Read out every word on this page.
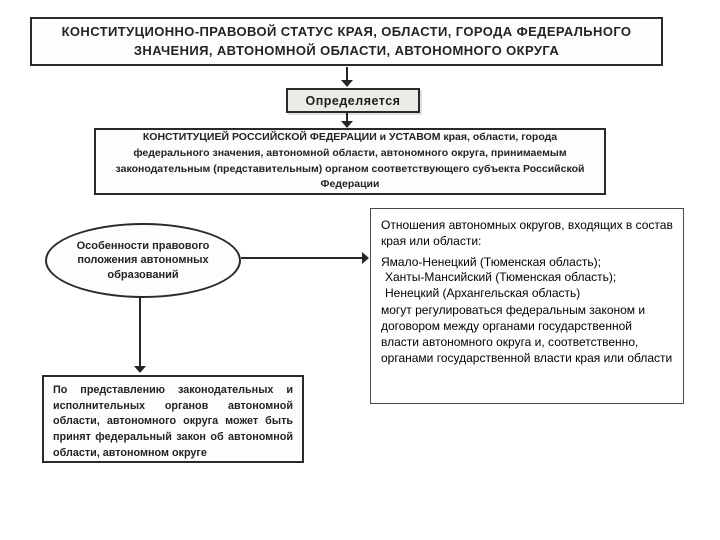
КОНСТИТУЦИОННО-ПРАВОВОЙ СТАТУС КРАЯ, ОБЛАСТИ, ГОРОДА ФЕДЕРАЛЬНОГО ЗНАЧЕНИЯ, АВТОНОМНОЙ ОБЛАСТИ, АВТОНОМНОГО ОКРУГА
Определяется
КОНСТИТУЦИЕЙ РОССИЙСКОЙ ФЕДЕРАЦИИ и УСТАВОМ края, области, города федерального значения, автономной области, автономного округа, принимаемым законодательным (представительным) органом соответствующего субъекта Российской Федерации
Особенности правового положения автономных образований

Отношения автономных округов, входящих в состав края или области:

Ямало-Ненецкий (Тюменская область);

Ханты-Мансийский (Тюменская область);

Ненецкий (Архангельская область)

могут регулироваться федеральным законом и договором между органами государственной власти автономного округа и, соответственно, органами государственной власти края или области

По представлению законодательных и исполнительных органов автономной области, автономного округа может быть принят федеральный закон об автономной области, автономном округе
